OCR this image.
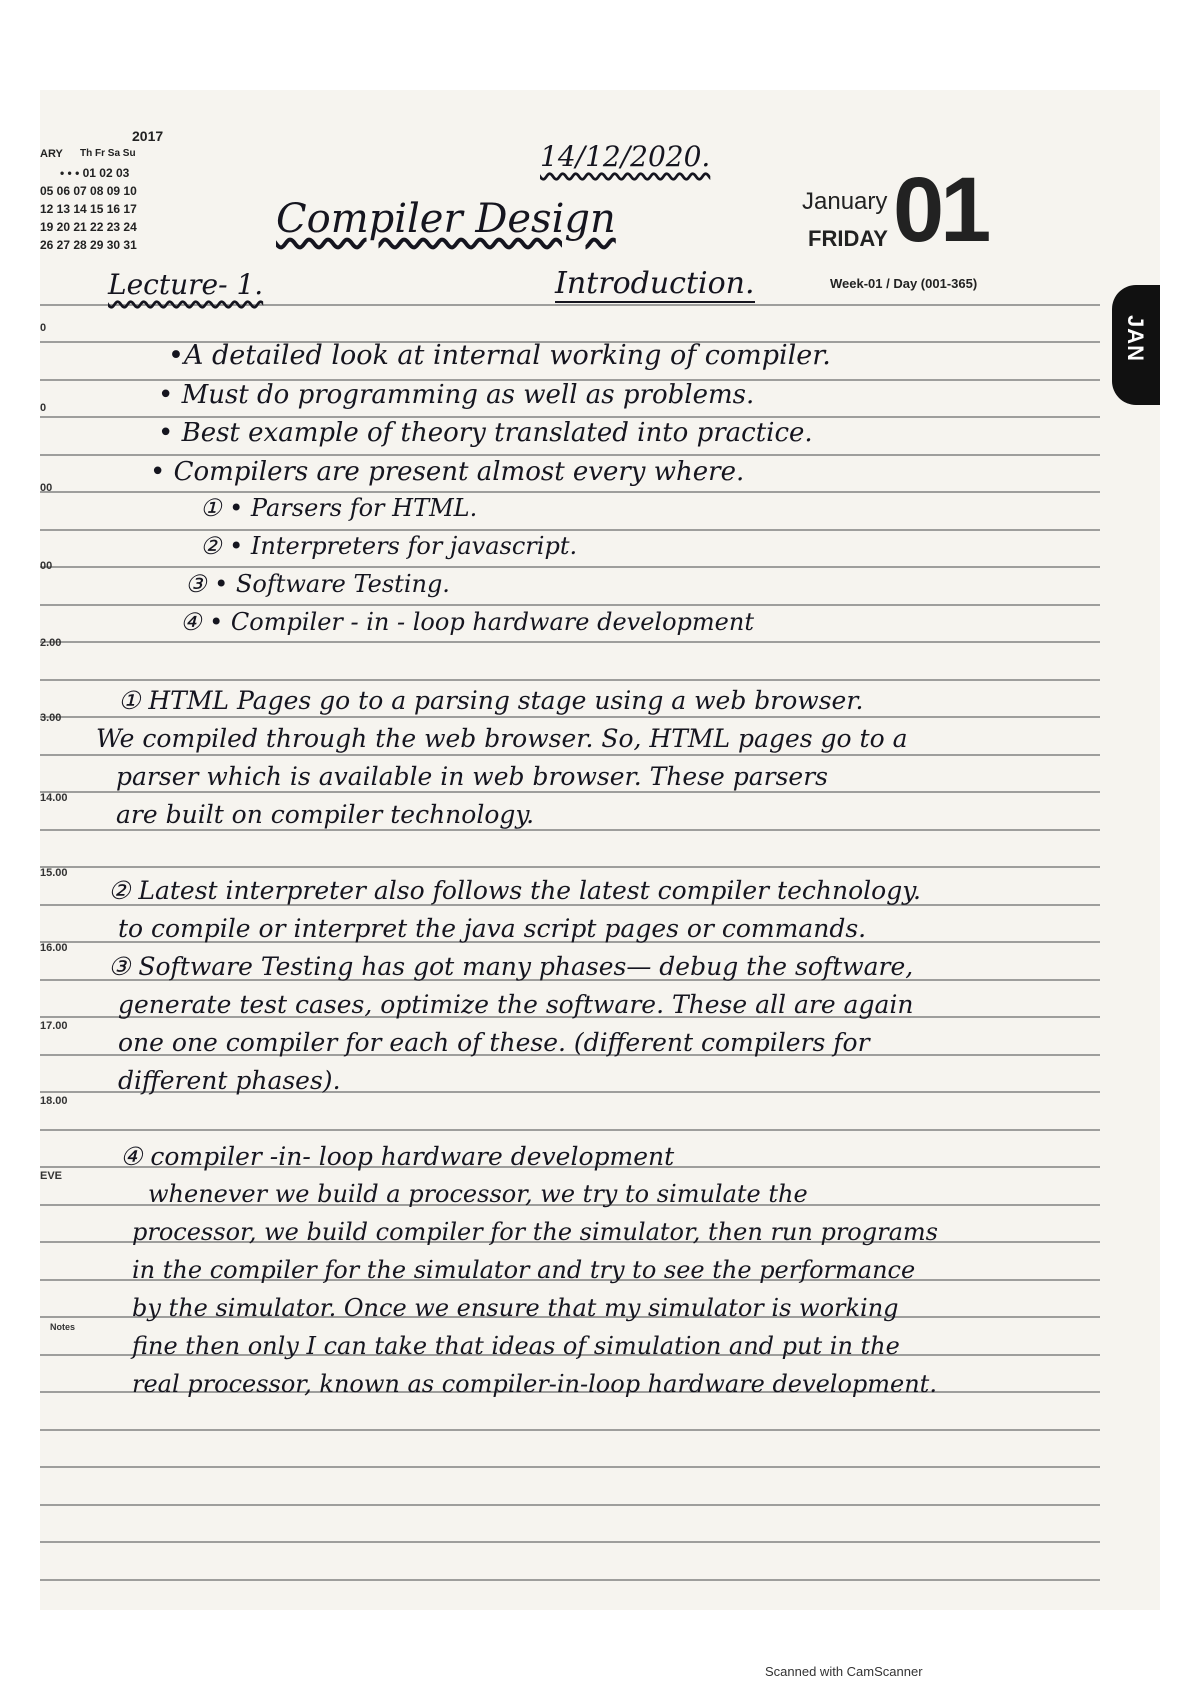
ARY
2017
Th Fr Sa Su
• • • 01 02 03
05 06 07 08 09 10
12 13 14 15 16 17
19 20 21 22 23 24
26 27 28 29 30 31
January
FRIDAY 01
Week-01 / Day (001-365)
14/12/2020.
Compiler Design
Lecture- 1.	Introduction.
0
0
00
00
2.00
3.00
14.00
15.00
16.00
17.00
18.00
EVE
Notes
•A detailed look at internal working of compiler.
• Must do programming as well as problems.
• Best example of theory translated into practice.
• Compilers are present almost every where.
① • Parsers for HTML.
② • Interpreters for javascript.
③ • Software Testing.
④ • Compiler - in - loop hardware development
① HTML Pages go to a parsing stage using a web browser.
We compiled through the web browser. So, HTML pages go to a
parser which is available in web browser. These parsers
are built on compiler technology.
② Latest interpreter also follows the latest compiler technology.
to compile or interpret the java script pages or commands.
③ Software Testing has got many phases— debug the software,
generate test cases, optimize the software. These all are again
one one compiler for each of these. (different compilers for
different phases).
④ compiler -in- loop hardware development
whenever we build a processor, we try to simulate the
processor, we build compiler for the simulator, then run programs
in the compiler for the simulator and try to see the performance
by the simulator. Once we ensure that my simulator is working
fine then only I can take that ideas of simulation and put in the
real processor, known as compiler-in-loop hardware development.
JAN
Scanned with CamScanner
